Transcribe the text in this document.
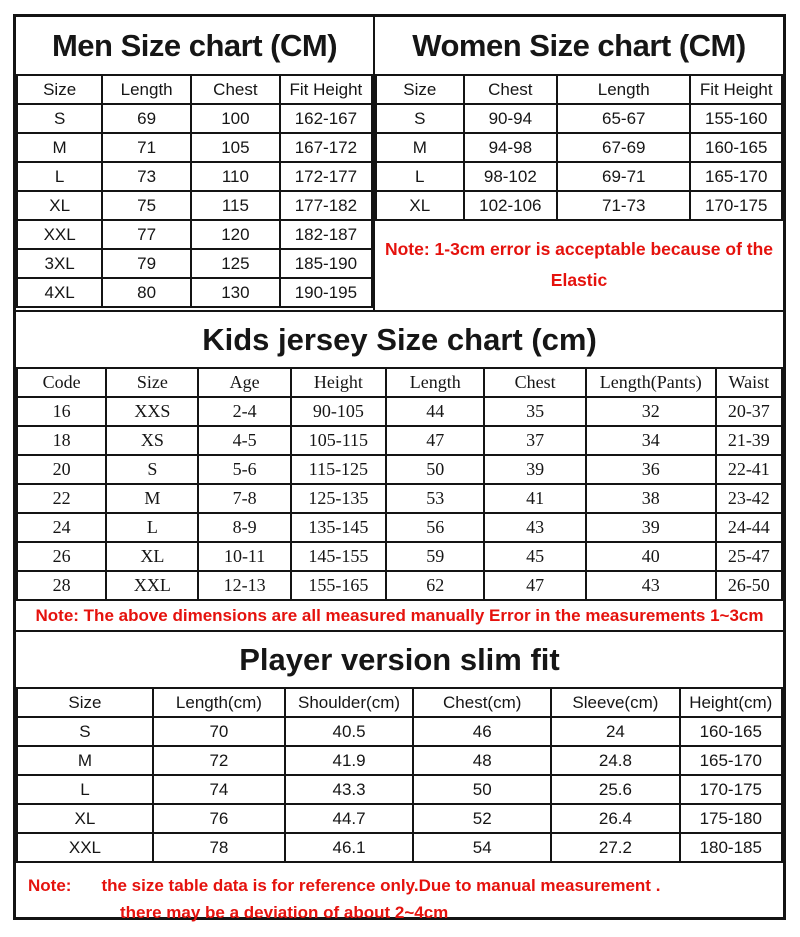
Men Size chart (CM)
Size	Length	Chest	Fit Height
S	69	100	162-167
M	71	105	167-172
L	73	110	172-177
XL	75	115	177-182
XXL	77	120	182-187
3XL	79	125	185-190
4XL	80	130	190-195
Women Size chart (CM)
Size	Chest	Length	Fit Height
S	90-94	65-67	155-160
M	94-98	67-69	160-165
L	98-102	69-71	165-170
XL	102-106	71-73	170-175
Note: 1-3cm error is acceptable because of the
Elastic
Kids jersey Size chart (cm)
Code	Size	Age	Height	Length	Chest	Length(Pants)	Waist
16	XXS	2-4	90-105	44	35	32	20-37
18	XS	4-5	105-115	47	37	34	21-39
20	S	5-6	115-125	50	39	36	22-41
22	M	7-8	125-135	53	41	38	23-42
24	L	8-9	135-145	56	43	39	24-44
26	XL	10-11	145-155	59	45	40	25-47
28	XXL	12-13	155-165	62	47	43	26-50
Note: The above dimensions are all measured manually Error in the measurements 1~3cm
Player version slim fit
Size	Length(cm)	Shoulder(cm)	Chest(cm)	Sleeve(cm)	Height(cm)
S	70	40.5	46	24	160-165
M	72	41.9	48	24.8	165-170
L	74	43.3	50	25.6	170-175
XL	76	44.7	52	26.4	175-180
XXL	78	46.1	54	27.2	180-185
Note: the size table data is for reference only.Due to manual measurement .
there may be a deviation of about 2~4cm
